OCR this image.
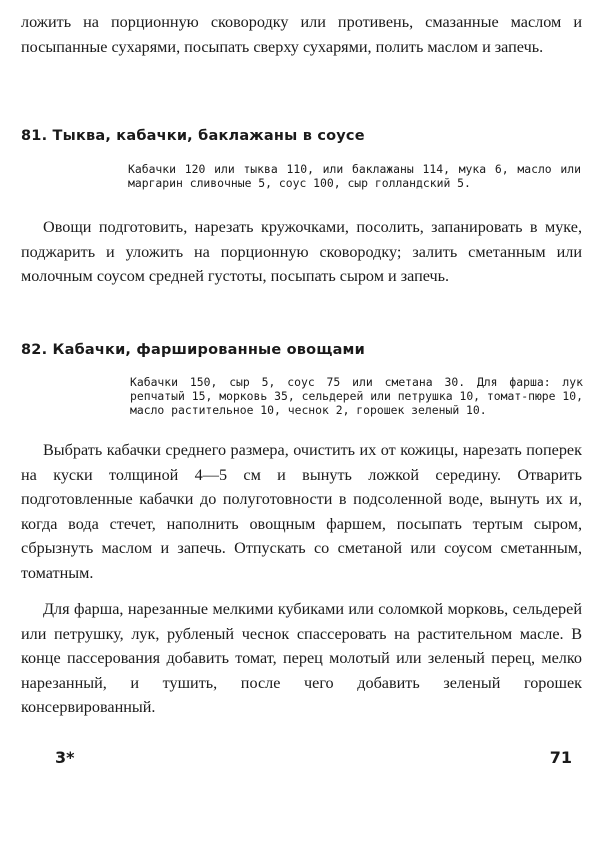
ложить на порционную сковородку или противень, смазанные маслом и посыпанные сухарями, посыпать сверху сухарями, полить маслом и запечь.

81. Тыква, кабачки, баклажаны в соусе

Кабачки 120 или тыква 110, или баклажаны 114, мука 6, масло или маргарин сливочные 5, соус 100, сыр голландский 5.

Овощи подготовить, нарезать кружочками, посолить, запанировать в муке, поджарить и уложить на порционную сковородку; залить сметанным или молочным соусом средней густоты, посыпать сыром и запечь.

82. Кабачки, фаршированные овощами

Кабачки 150, сыр 5, соус 75 или сметана 30. Для фарша: лук репчатый 15, морковь 35, сельдерей или петрушка 10, томат-пюре 10, масло растительное 10, чеснок 2, горошек зеленый 10.

Выбрать кабачки среднего размера, очистить их от кожицы, нарезать поперек на куски толщиной 4—5 см и вынуть ложкой середину. Отварить подготовленные кабачки до полуготовности в подсоленной воде, вынуть их и, когда вода стечет, наполнить овощным фаршем, посыпать тертым сыром, сбрызнуть маслом и запечь. Отпускать со сметаной или соусом сметанным, томатным.

Для фарша, нарезанные мелкими кубиками или соломкой морковь, сельдерей или петрушку, лук, рубленый чеснок спассеровать на растительном масле. В конце пассерования добавить томат, перец молотый или зеленый перец, мелко нарезанный, и тушить, после чего добавить зеленый горошек консервированный.

3*	71
